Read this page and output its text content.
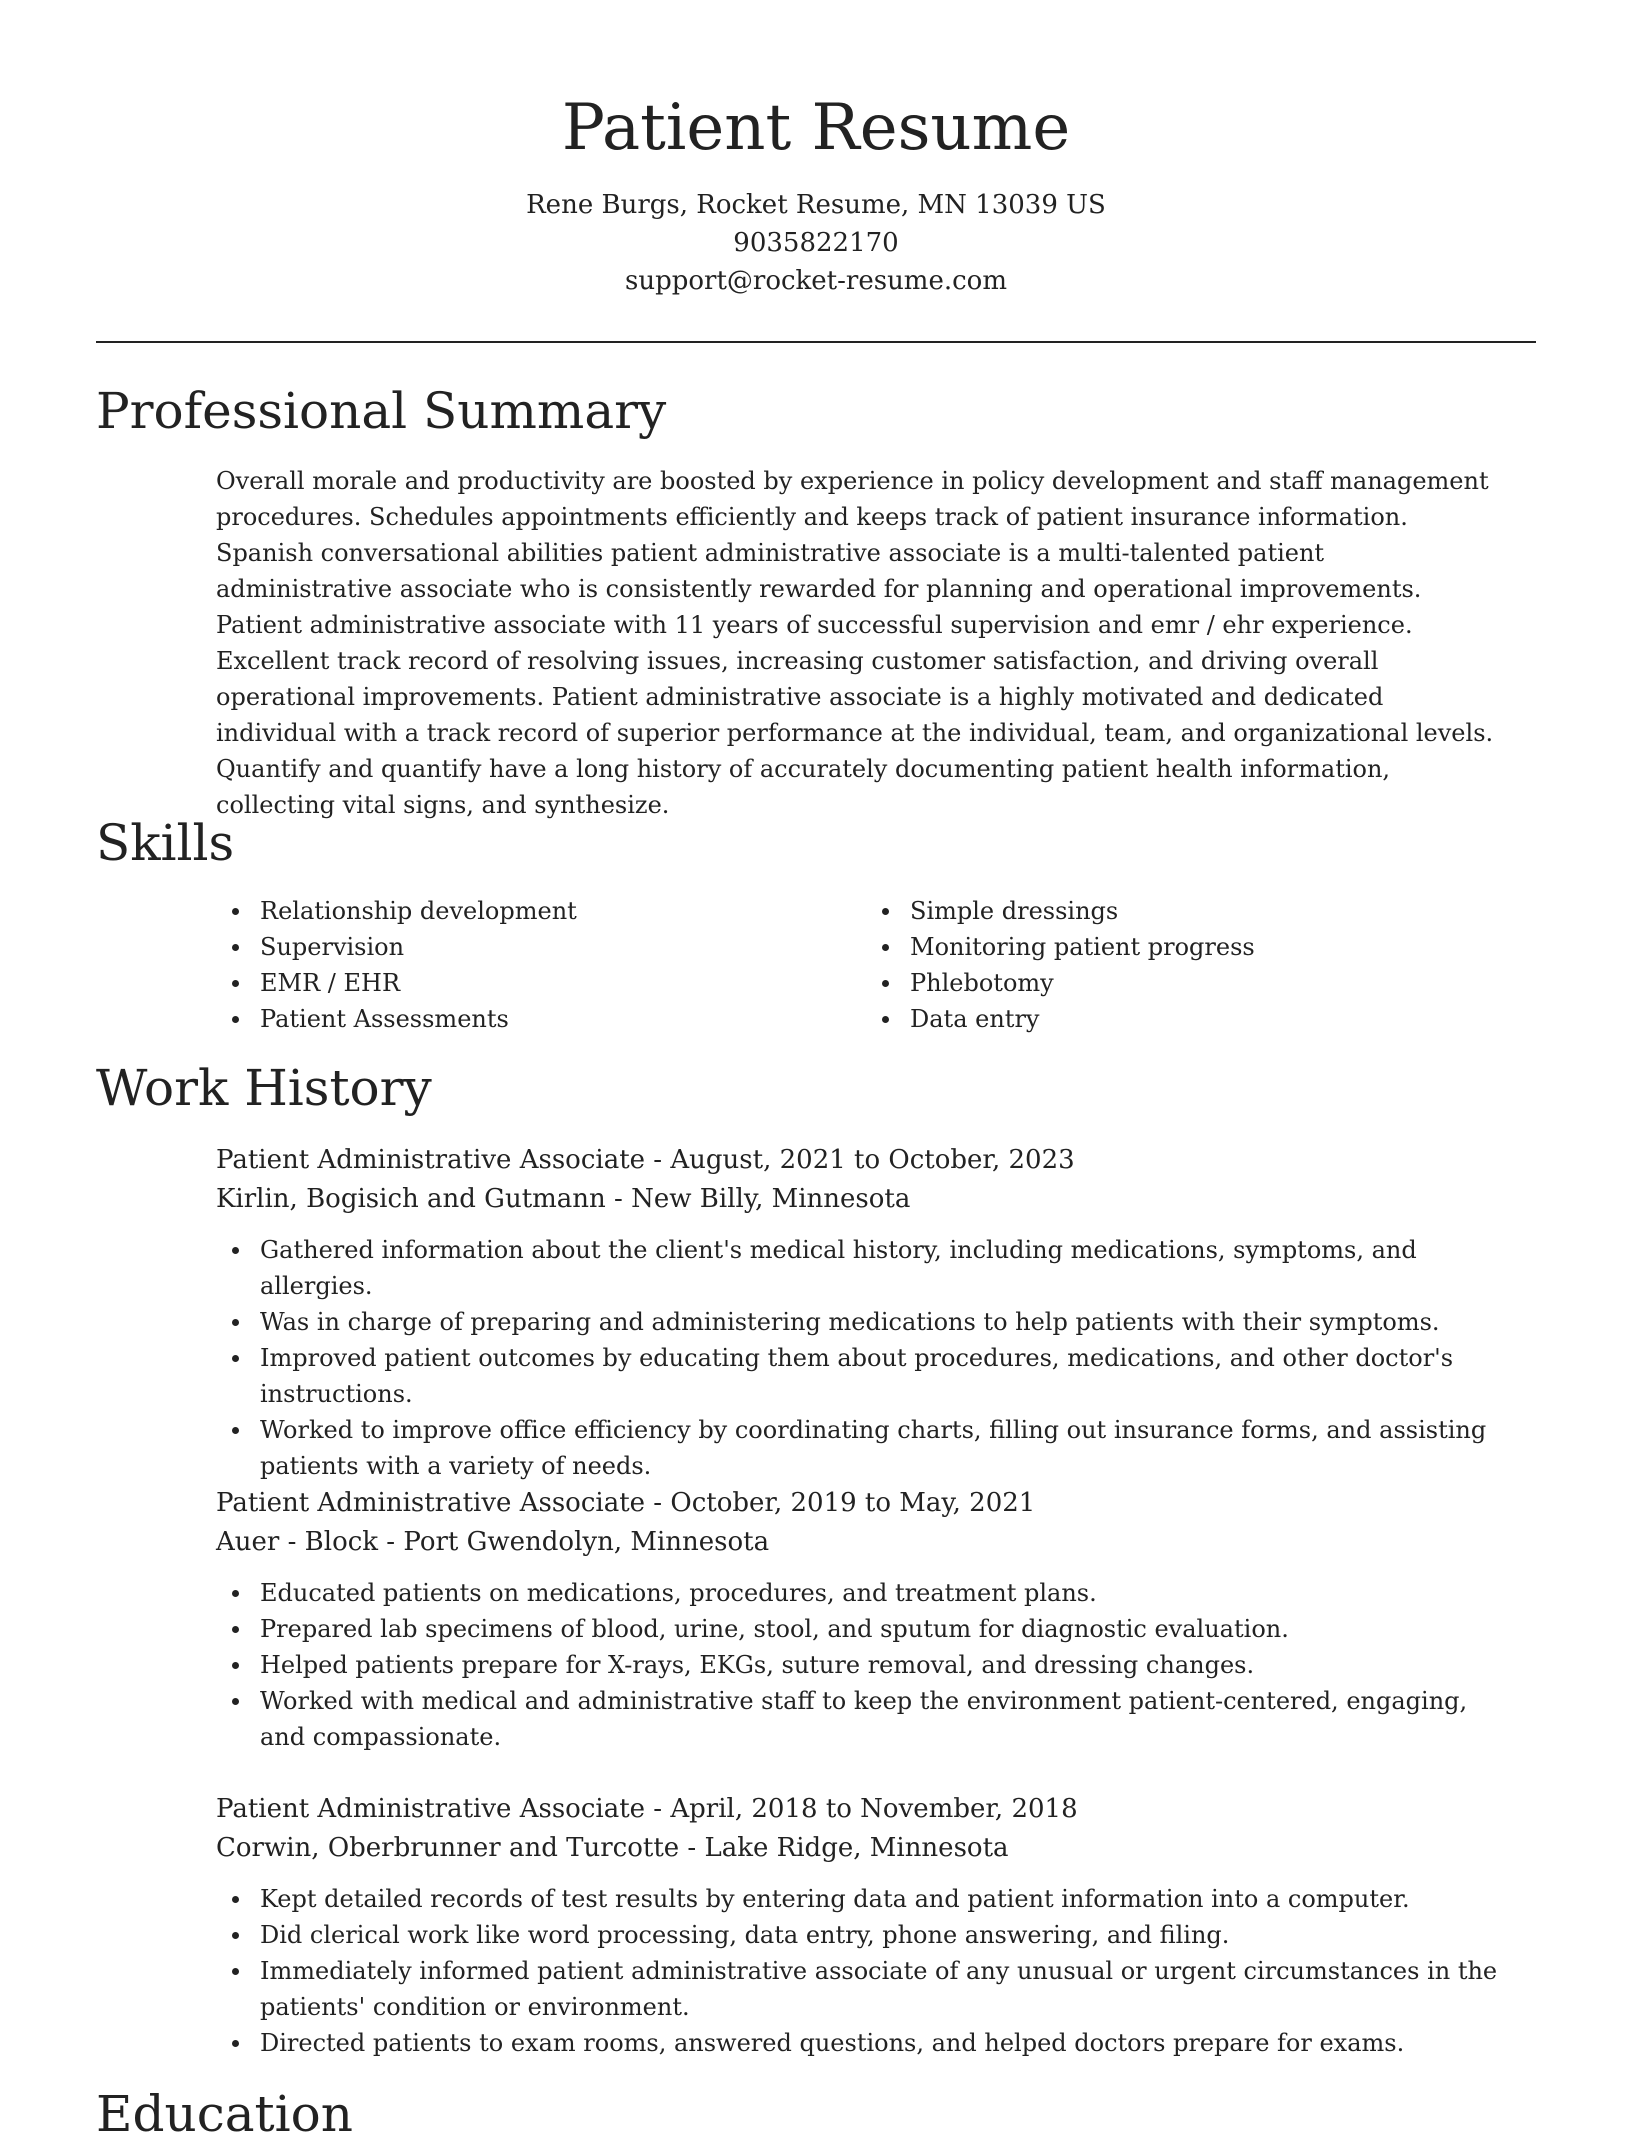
Patient Resume
Rene Burgs, Rocket Resume, MN 13039 US
9035822170
support@rocket-resume.com
Professional Summary

Overall morale and productivity are boosted by experience in policy development and staff management procedures. Schedules appointments efficiently and keeps track of patient insurance information. Spanish conversational abilities patient administrative associate is a multi-talented patient administrative associate who is consistently rewarded for planning and operational improvements. Patient administrative associate with 11 years of successful supervision and emr / ehr experience. Excellent track record of resolving issues, increasing customer satisfaction, and driving overall operational improvements. Patient administrative associate is a highly motivated and dedicated individual with a track record of superior performance at the individual, team, and organizational levels. Quantify and quantify have a long history of accurately documenting patient health information, collecting vital signs, and synthesize.

Skills
Relationship development
Supervision
EMR / EHR
Patient Assessments
Simple dressings
Monitoring patient progress
Phlebotomy
Data entry
Work History
Patient Administrative Associate - August, 2021 to October, 2023
Kirlin, Bogisich and Gutmann - New Billy, Minnesota
Gathered information about the client's medical history, including medications, symptoms, and allergies.
Was in charge of preparing and administering medications to help patients with their symptoms.
Improved patient outcomes by educating them about procedures, medications, and other doctor's instructions.
Worked to improve office efficiency by coordinating charts, filling out insurance forms, and assisting patients with a variety of needs.
Patient Administrative Associate - October, 2019 to May, 2021
Auer - Block - Port Gwendolyn, Minnesota
Educated patients on medications, procedures, and treatment plans.
Prepared lab specimens of blood, urine, stool, and sputum for diagnostic evaluation.
Helped patients prepare for X-rays, EKGs, suture removal, and dressing changes.
Worked with medical and administrative staff to keep the environment patient-centered, engaging, and compassionate.
Patient Administrative Associate - April, 2018 to November, 2018
Corwin, Oberbrunner and Turcotte - Lake Ridge, Minnesota
Kept detailed records of test results by entering data and patient information into a computer.
Did clerical work like word processing, data entry, phone answering, and filing.
Immediately informed patient administrative associate of any unusual or urgent circumstances in the patients' condition or environment.
Directed patients to exam rooms, answered questions, and helped doctors prepare for exams.
Education
